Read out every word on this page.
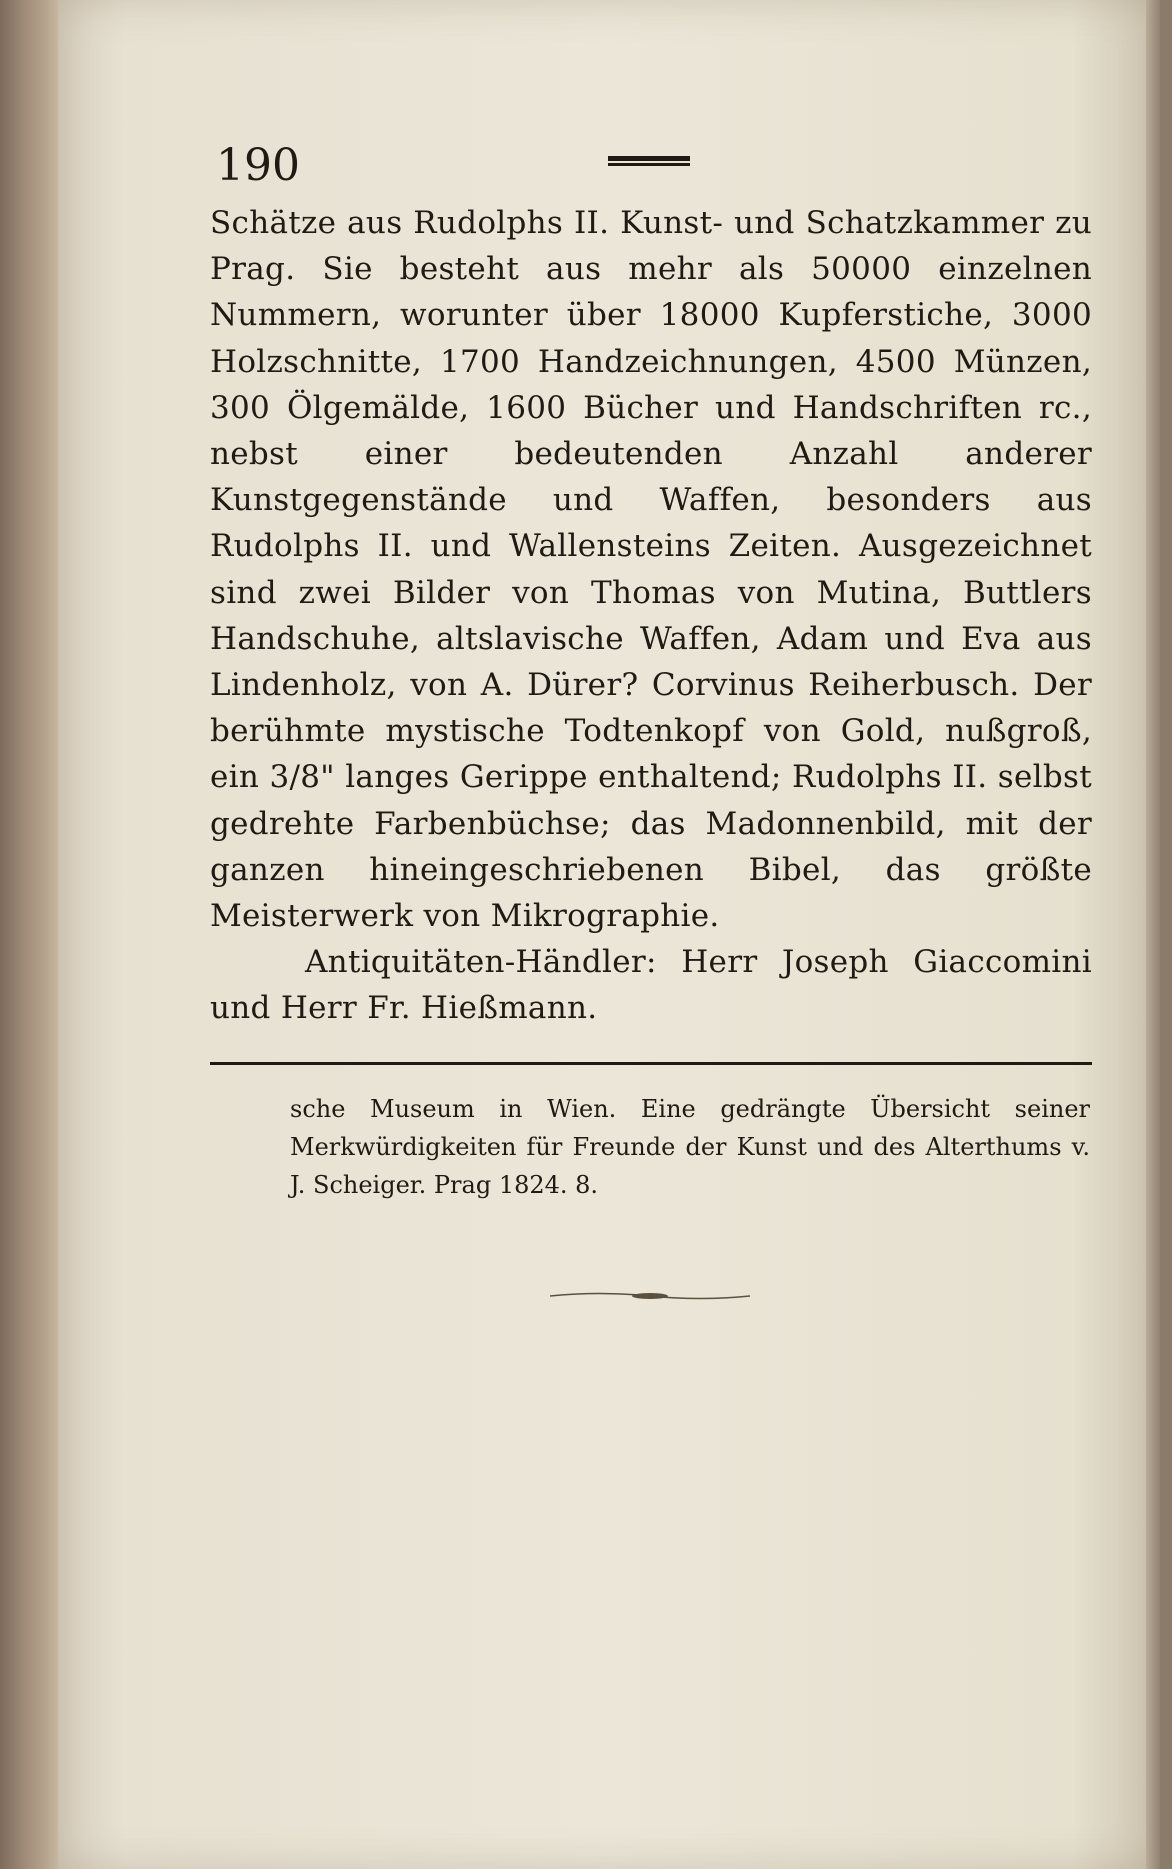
190

Schätze aus Rudolphs II. Kunst- und Schatzkammer zu Prag. Sie besteht aus mehr als 50000 einzelnen Nummern, worunter über 18000 Kupferstiche, 3000 Holzschnitte, 1700 Handzeichnungen, 4500 Münzen, 300 Ölgemälde, 1600 Bücher und Handschriften rc., nebst einer bedeutenden Anzahl anderer Kunstgegenstände und Waffen, besonders aus Rudolphs II. und Wallensteins Zeiten. Ausgezeichnet sind zwei Bilder von Thomas von Mutina, Buttlers Handschuhe, altslavische Waffen, Adam und Eva aus Lindenholz, von A. Dürer? Corvinus Reiherbusch. Der berühmte mystische Todtenkopf von Gold, nußgroß, ein 3/8" langes Gerippe enthaltend; Rudolphs II. selbst gedrehte Farbenbüchse; das Madonnenbild, mit der ganzen hineingeschriebenen Bibel, das größte Meisterwerk von Mikrographie.

Antiquitäten-Händler: Herr Joseph Giaccomini und Herr Fr. Hießmann.

sche Museum in Wien. Eine gedrängte Übersicht seiner Merkwürdigkeiten für Freunde der Kunst und des Alterthums v. J. Scheiger. Prag 1824. 8.
